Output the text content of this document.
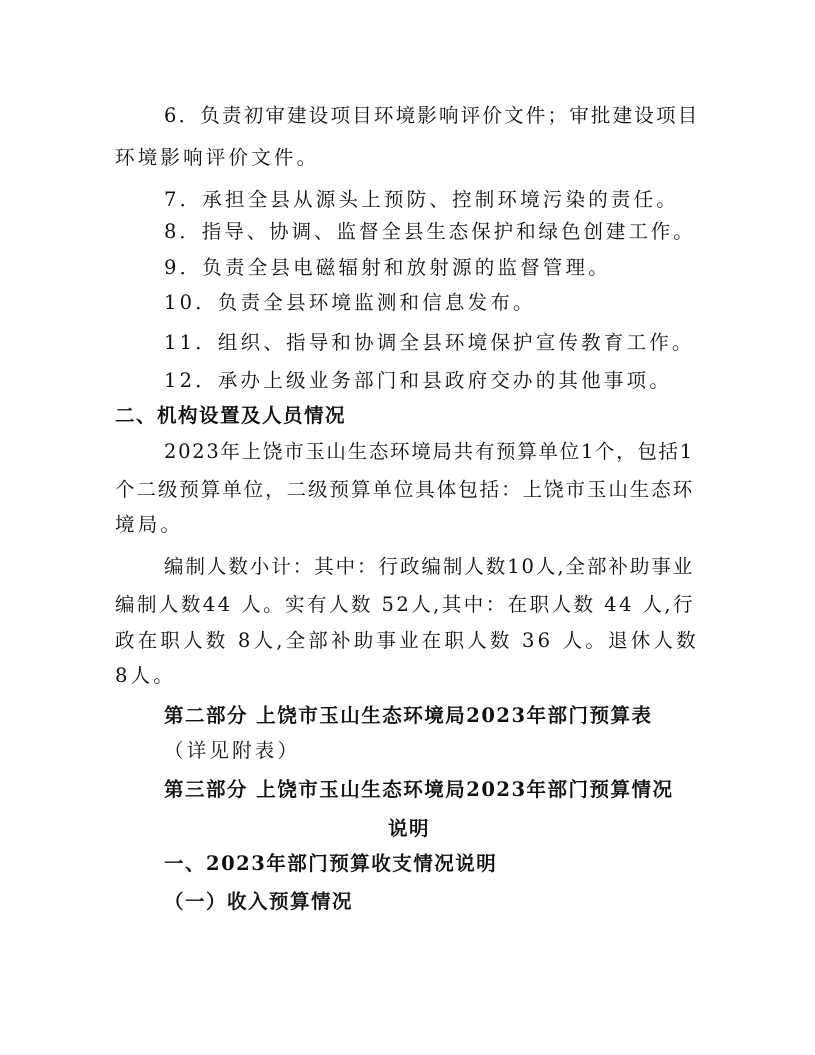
6．负责初审建设项目环境影响评价文件；审批建设项目
环境影响评价文件。
7．承担全县从源头上预防、控制环境污染的责任。
8．指导、协调、监督全县生态保护和绿色创建工作。
9．负责全县电磁辐射和放射源的监督管理。
10．负责全县环境监测和信息发布。
11．组织、指导和协调全县环境保护宣传教育工作。
12．承办上级业务部门和县政府交办的其他事项。
二、机构设置及人员情况
2023年上饶市玉山生态环境局共有预算单位1个，包括1
个二级预算单位，二级预算单位具体包括：上饶市玉山生态环
境局。
编制人数小计：其中：行政编制人数10人,全部补助事业
编制人数44 人。实有人数 52人,其中：在职人数 44 人,行
政在职人数 8人,全部补助事业在职人数 36 人。退休人数
8人。
第二部分 上饶市玉山生态环境局2023年部门预算表
（详见附表）
第三部分 上饶市玉山生态环境局2023年部门预算情况
说明
一、2023年部门预算收支情况说明
（一）收入预算情况
